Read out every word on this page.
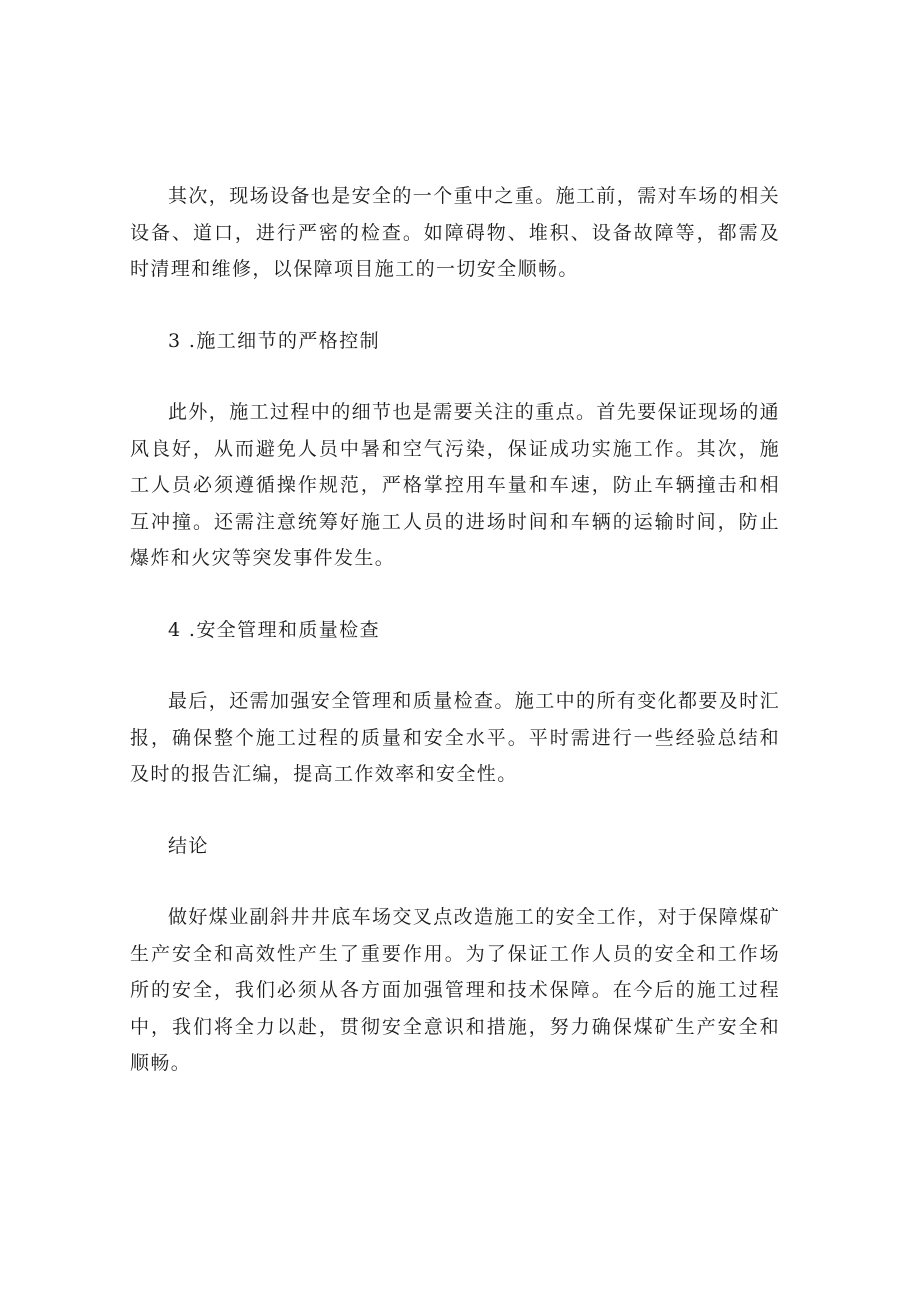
其次，现场设备也是安全的一个重中之重。施工前，需对车场的相关设备、道口，进行严密的检查。如障碍物、堆积、设备故障等，都需及时清理和维修，以保障项目施工的一切安全顺畅。

3 .施工细节的严格控制

此外，施工过程中的细节也是需要关注的重点。首先要保证现场的通风良好，从而避免人员中暑和空气污染，保证成功实施工作。其次，施工人员必须遵循操作规范，严格掌控用车量和车速，防止车辆撞击和相互冲撞。还需注意统筹好施工人员的进场时间和车辆的运输时间，防止爆炸和火灾等突发事件发生。

4 .安全管理和质量检查

最后，还需加强安全管理和质量检查。施工中的所有变化都要及时汇报，确保整个施工过程的质量和安全水平。平时需进行一些经验总结和及时的报告汇编，提高工作效率和安全性。

结论

做好煤业副斜井井底车场交叉点改造施工的安全工作，对于保障煤矿生产安全和高效性产生了重要作用。为了保证工作人员的安全和工作场所的安全，我们必须从各方面加强管理和技术保障。在今后的施工过程中，我们将全力以赴，贯彻安全意识和措施，努力确保煤矿生产安全和顺畅。
